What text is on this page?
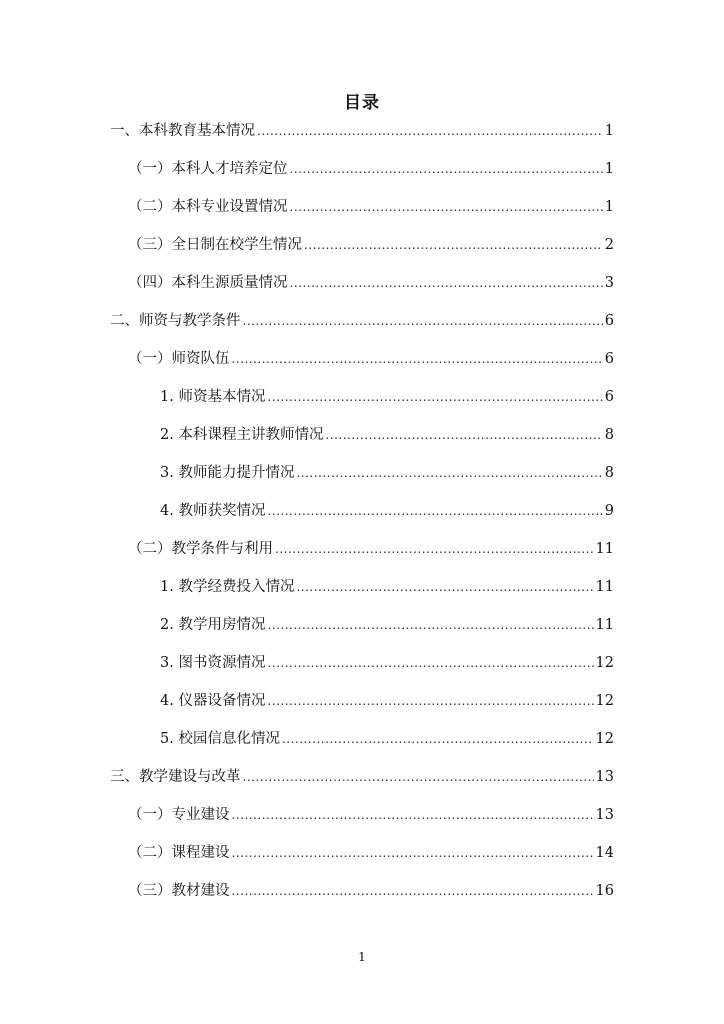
目录
一、本科教育基本情况 .....	1
（一）本科人才培养定位 .....	1
（二）本科专业设置情况 .....	1
（三）全日制在校学生情况 .....	2
（四）本科生源质量情况 .....	3
二、师资与教学条件 .....	6
（一）师资队伍 .....	6
1. 师资基本情况 .....	6
2. 本科课程主讲教师情况 .....	8
3. 教师能力提升情况 .....	8
4. 教师获奖情况 .....	9
（二）教学条件与利用 .....	11
1. 教学经费投入情况 .....	11
2. 教学用房情况 .....	11
3. 图书资源情况 .....	12
4. 仪器设备情况 .....	12
5. 校园信息化情况 .....	12
三、教学建设与改革 .....	13
（一）专业建设 .....	13
（二）课程建设 .....	14
（三）教材建设 .....	16
1
